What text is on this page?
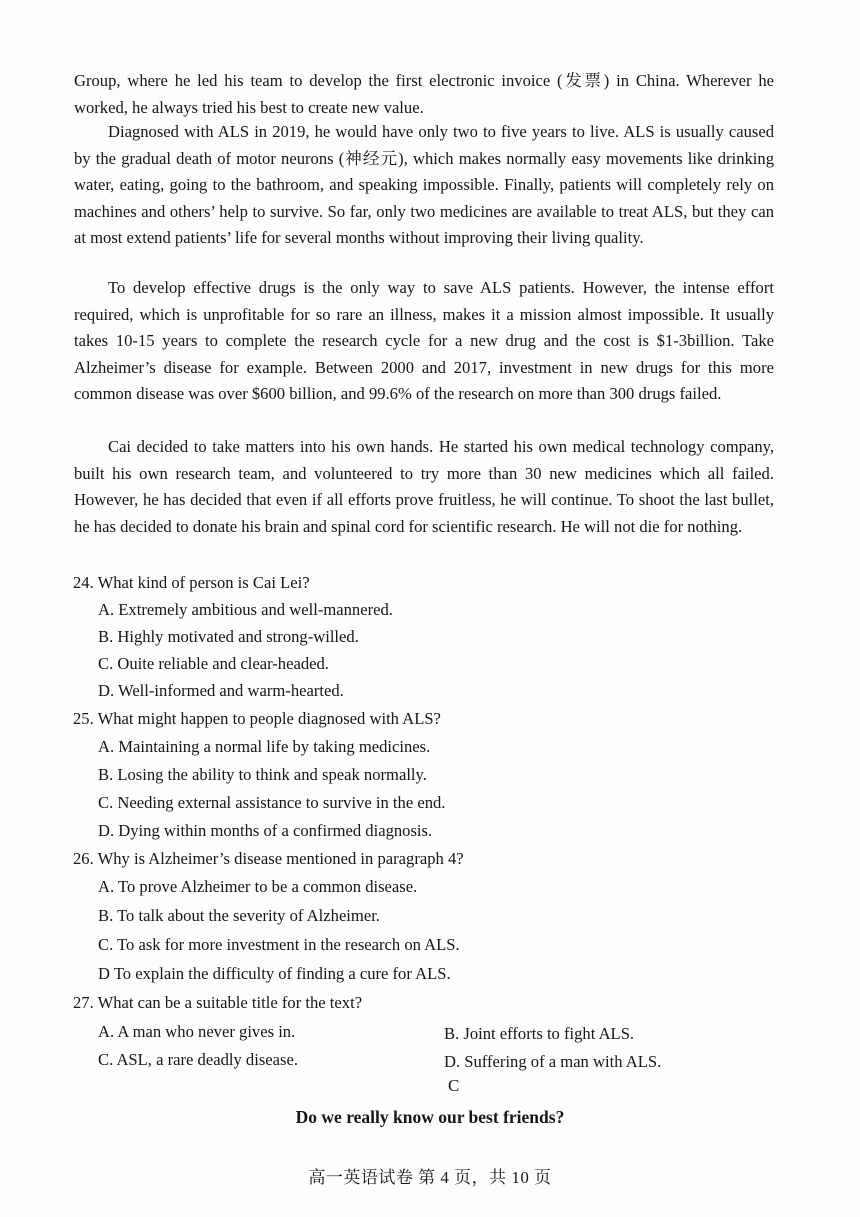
Group, where he led his team to develop the first electronic invoice (发票) in China. Wherever he worked, he always tried his best to create new value.

Diagnosed with ALS in 2019, he would have only two to five years to live. ALS is usually caused by the gradual death of motor neurons (神经元), which makes normally easy movements like drinking water, eating, going to the bathroom, and speaking impossible. Finally, patients will completely rely on machines and others’ help to survive. So far, only two medicines are available to treat ALS, but they can at most extend patients’ life for several months without improving their living quality.

To develop effective drugs is the only way to save ALS patients. However, the intense effort required, which is unprofitable for so rare an illness, makes it a mission almost impossible. It usually takes 10-15 years to complete the research cycle for a new drug and the cost is $1-3billion. Take Alzheimer’s disease for example. Between 2000 and 2017, investment in new drugs for this more common disease was over $600 billion, and 99.6% of the research on more than 300 drugs failed.

Cai decided to take matters into his own hands. He started his own medical technology company, built his own research team, and volunteered to try more than 30 new medicines which all failed. However, he has decided that even if all efforts prove fruitless, he will continue. To shoot the last bullet, he has decided to donate his brain and spinal cord for scientific research. He will not die for nothing.

24. What kind of person is Cai Lei?
A. Extremely ambitious and well-mannered.
B. Highly motivated and strong-willed.
C. Ouite reliable and clear-headed.
D. Well-informed and warm-hearted.
25. What might happen to people diagnosed with ALS?
A. Maintaining a normal life by taking medicines.
B. Losing the ability to think and speak normally.
C. Needing external assistance to survive in the end.
D. Dying within months of a confirmed diagnosis.
26. Why is Alzheimer’s disease mentioned in paragraph 4?
A. To prove Alzheimer to be a common disease.
B. To talk about the severity of Alzheimer.
C. To ask for more investment in the research on ALS.
D To explain the difficulty of finding a cure for ALS.
27. What can be a suitable title for the text?
A. A man who never gives in.	B. Joint efforts to fight ALS.
C. ASL, a rare deadly disease.	D. Suffering of a man with ALS.
C
Do we really know our best friends?
高一英语试卷 第 4 页，共 10 页
